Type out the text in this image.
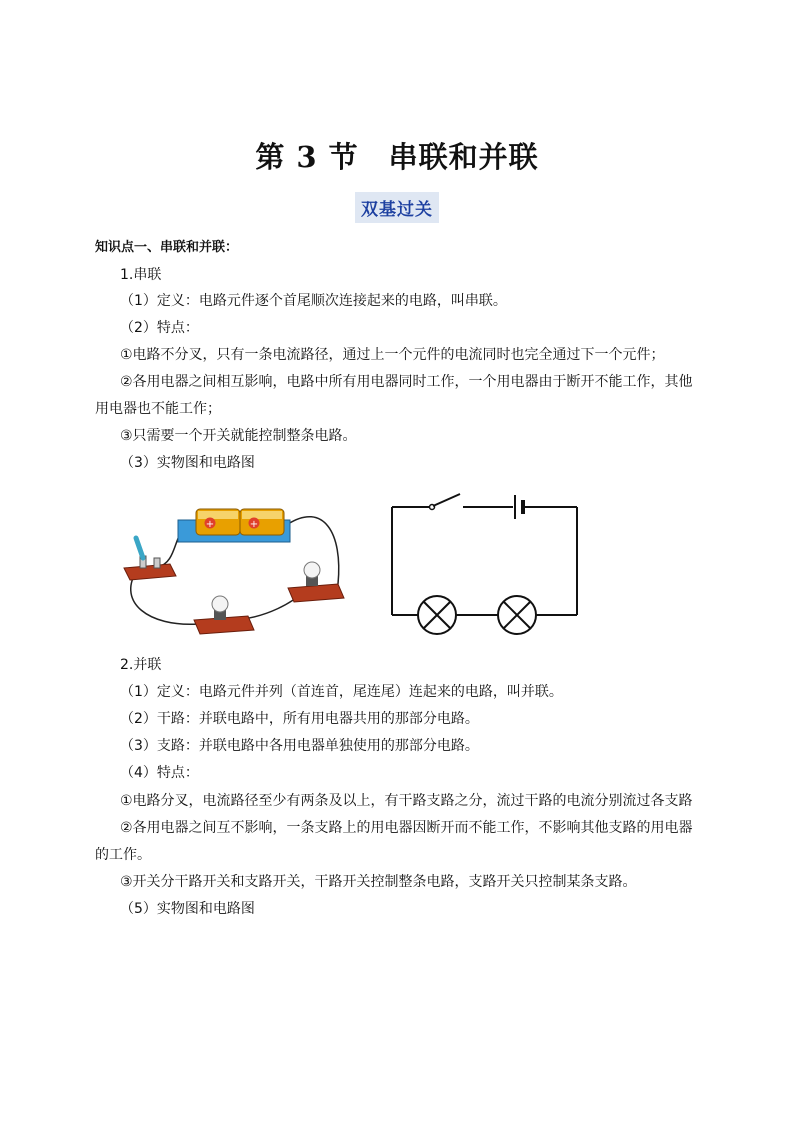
第 3 节　串联和并联
双基过关
知识点一、串联和并联：
1.串联
（1）定义：电路元件逐个首尾顺次连接起来的电路，叫串联。
（2）特点：
①电路不分叉，只有一条电流路径，通过上一个元件的电流同时也完全通过下一个元件；
②各用电器之间相互影响，电路中所有用电器同时工作，一个用电器由于断开不能工作，其他
用电器也不能工作；
③只需要一个开关就能控制整条电路。
（3）实物图和电路图
+	+
2.并联
（1）定义：电路元件并列（首连首，尾连尾）连起来的电路，叫并联。
（2）干路：并联电路中，所有用电器共用的那部分电路。
（3）支路：并联电路中各用电器单独使用的那部分电路。
（4）特点：
①电路分叉，电流路径至少有两条及以上，有干路支路之分，流过干路的电流分别流过各支路
②各用电器之间互不影响，一条支路上的用电器因断开而不能工作，不影响其他支路的用电器
的工作。
③开关分干路开关和支路开关，干路开关控制整条电路，支路开关只控制某条支路。
（5）实物图和电路图
